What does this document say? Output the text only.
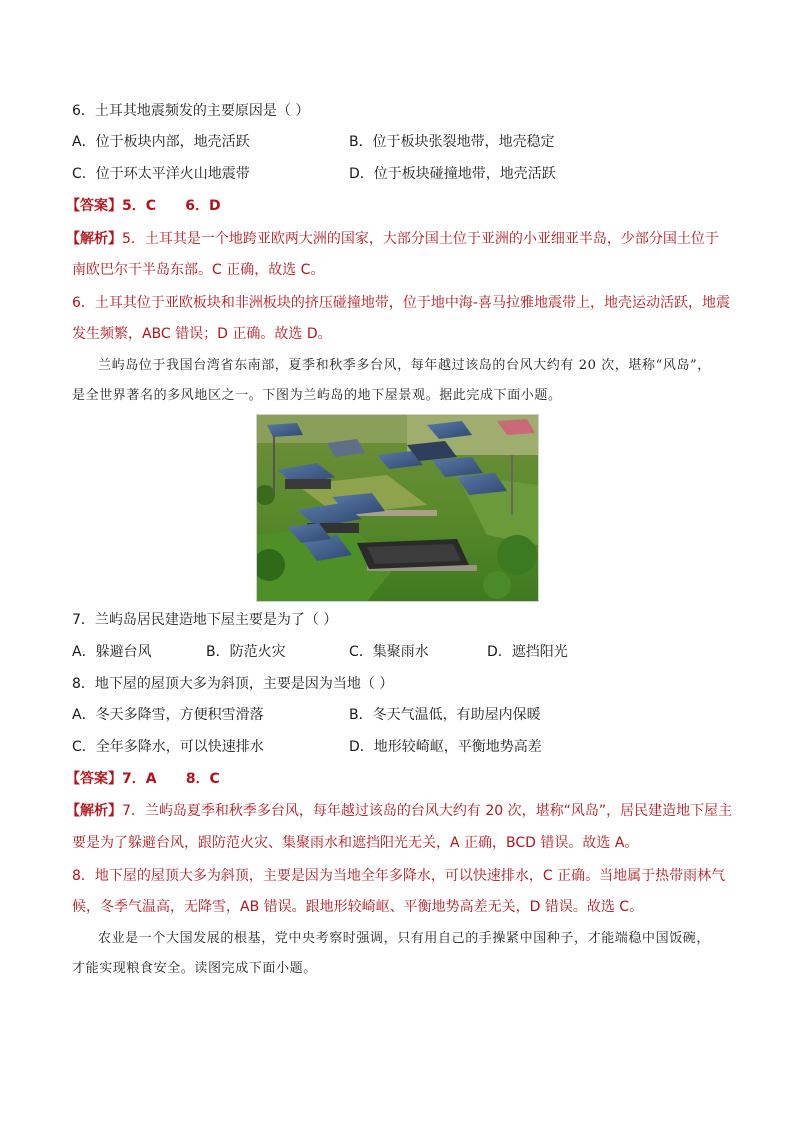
6．土耳其地震频发的主要原因是（ ）
A．位于板块内部，地壳活跃	B．位于板块张裂地带，地壳稳定
C．位于环太平洋火山地震带	D．位于板块碰撞地带，地壳活跃
【答案】5．C      6．D
【解析】5．土耳其是一个地跨亚欧两大洲的国家，大部分国土位于亚洲的小亚细亚半岛，少部分国土位于
南欧巴尔干半岛东部。C 正确，故选 C。
6．土耳其位于亚欧板块和非洲板块的挤压碰撞地带，位于地中海-喜马拉雅地震带上，地壳运动活跃，地震
发生频繁，ABC 错误；D 正确。故选 D。
兰屿岛位于我国台湾省东南部，夏季和秋季多台风，每年越过该岛的台风大约有 20 次，堪称“风岛”，
是全世界著名的多风地区之一。下图为兰屿岛的地下屋景观。据此完成下面小题。
7．兰屿岛居民建造地下屋主要是为了（ ）
A．躲避台风	B．防范火灾	C．集聚雨水	D．遮挡阳光
8．地下屋的屋顶大多为斜顶，主要是因为当地（ ）
A．冬天多降雪，方便积雪滑落	B．冬天气温低，有助屋内保暖
C．全年多降水，可以快速排水	D．地形较崎岖，平衡地势高差
【答案】7．A      8．C
【解析】7．兰屿岛夏季和秋季多台风，每年越过该岛的台风大约有 20 次，堪称“风岛”，居民建造地下屋主
要是为了躲避台风，跟防范火灾、集聚雨水和遮挡阳光无关，A 正确，BCD 错误。故选 A。
8．地下屋的屋顶大多为斜顶，主要是因为当地全年多降水，可以快速排水，C 正确。当地属于热带雨林气
候，冬季气温高，无降雪，AB 错误。跟地形较崎岖、平衡地势高差无关，D 错误。故选 C。
农业是一个大国发展的根基，党中央考察时强调，只有用自己的手操紧中国种子，才能端稳中国饭碗，
才能实现粮食安全。读图完成下面小题。
